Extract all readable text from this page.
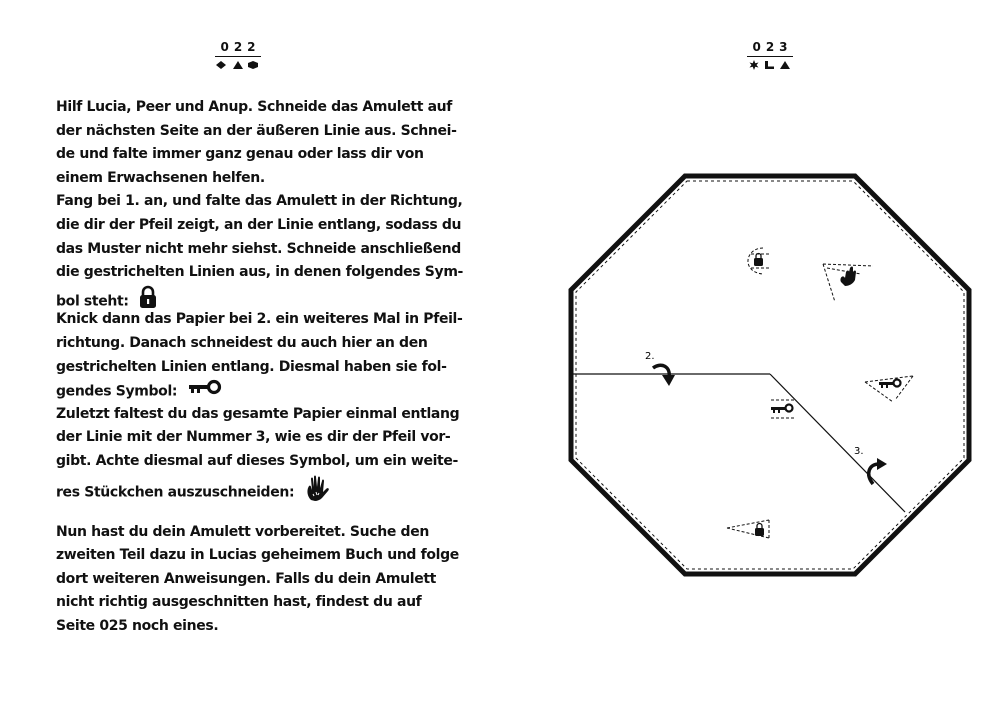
022	023
Hilf Lucia, Peer und Anup. Schneide das Amulett auf
der nächsten Seite an der äußeren Linie aus. Schnei-
de und falte immer ganz genau oder lass dir von
einem Erwachsenen helfen.
Fang bei 1. an, und falte das Amulett in der Richtung,
die dir der Pfeil zeigt, an der Linie entlang, sodass du
das Muster nicht mehr siehst. Schneide anschließend
die gestrichelten Linien aus, in denen folgendes Sym-
bol steht:
Knick dann das Papier bei 2. ein weiteres Mal in Pfeil-
richtung. Danach schneidest du auch hier an den
gestrichelten Linien entlang. Diesmal haben sie fol-
gendes Symbol:
Zuletzt faltest du das gesamte Papier einmal entlang
der Linie mit der Nummer 3, wie es dir der Pfeil vor-
gibt. Achte diesmal auf dieses Symbol, um ein weite-
res Stückchen auszuschneiden:
Nun hast du dein Amulett vorbereitet. Suche den
zweiten Teil dazu in Lucias geheimem Buch und folge
dort weiteren Anweisungen. Falls du dein Amulett
nicht richtig ausgeschnitten hast, findest du auf
Seite 025 noch eines.
2.
3.
